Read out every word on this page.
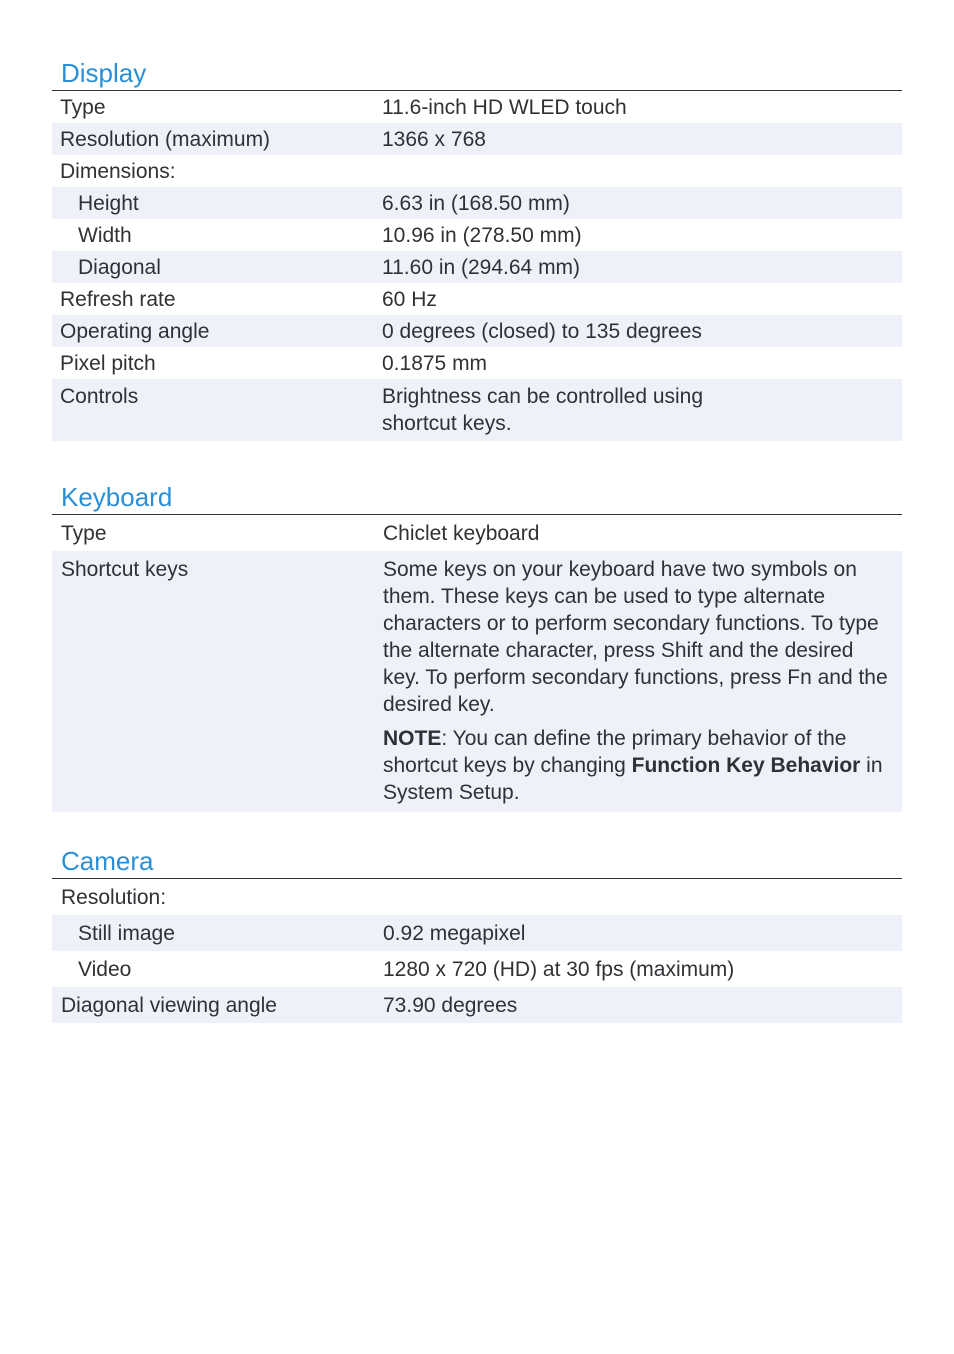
Display
Type	11.6-inch HD WLED touch
Resolution (maximum)	1366 x 768
Dimensions:
Height	6.63 in (168.50 mm)
Width	10.96 in (278.50 mm)
Diagonal	11.60 in (294.64 mm)
Refresh rate	60 Hz
Operating angle	0 degrees (closed) to 135 degrees
Pixel pitch	0.1875 mm
Controls	Brightness can be controlled using
shortcut keys.
Keyboard
Type	Chiclet keyboard
Shortcut keys	Some keys on your keyboard have two symbols on them. These keys can be used to type alternate characters or to perform secondary functions. To type the alternate character, press Shift and the desired key. To perform secondary functions, press Fn and the desired key.

NOTE: You can define the primary behavior of the shortcut keys by changing Function Key Behavior in System Setup.

Camera
Resolution:
Still image	0.92 megapixel
Video	1280 x 720 (HD) at 30 fps (maximum)
Diagonal viewing angle	73.90 degrees
